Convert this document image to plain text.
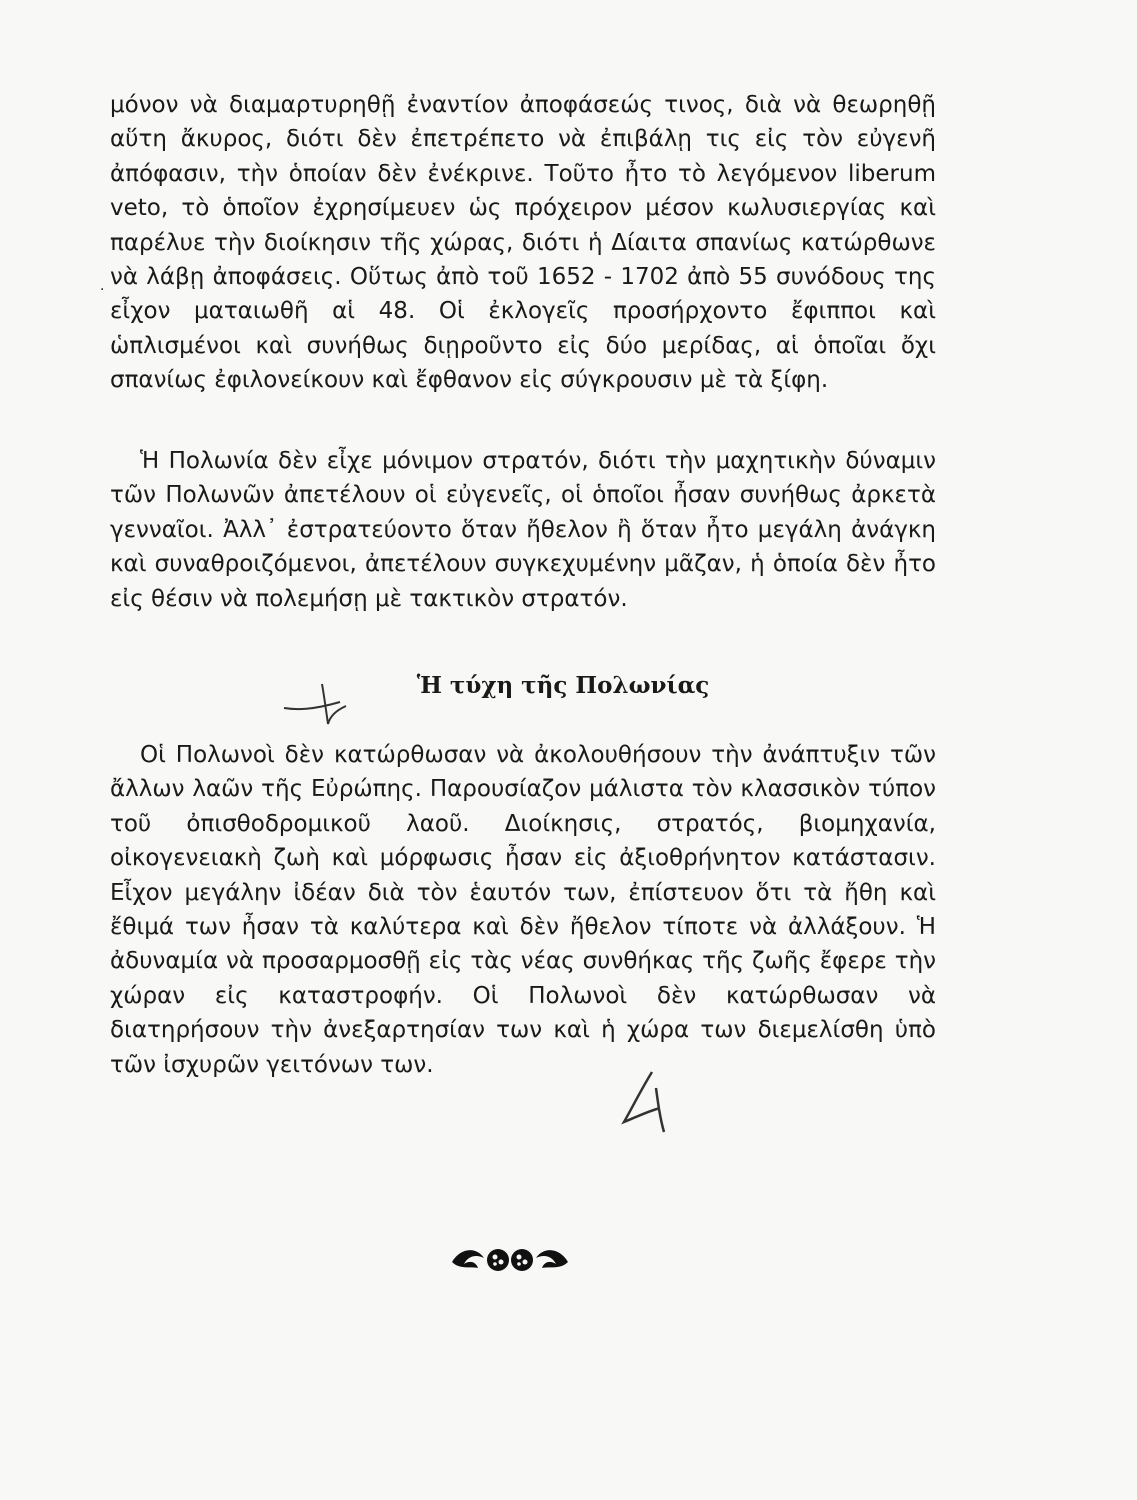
·

μόνον νὰ διαμαρτυρηθῇ ἐναντίον ἀποφάσεώς τινος, διὰ νὰ θεωρηθῇ αὕτη ἄκυρος, διότι δὲν ἐπετρέπετο νὰ ἐπιβάλῃ τις εἰς τὸν εὐγενῆ ἀπόφασιν, τὴν ὁποίαν δὲν ἐνέκρινε. Τοῦτο ἦτο τὸ λεγόμενον liberum veto, τὸ ὁποῖον ἐχρησίμευεν ὡς πρόχειρον μέσον κωλυσιεργίας καὶ παρέλυε τὴν διοίκησιν τῆς χώρας, διότι ἡ Δίαιτα σπανίως κατώρθωνε νὰ λάβῃ ἀποφάσεις. Οὕτως ἀπὸ τοῦ 1652 - 1702 ἀπὸ 55 συνόδους της εἶχον ματαιωθῆ αἱ 48. Οἱ ἐκλογεῖς προσήρχοντο ἔφιπποι καὶ ὡπλισμένοι καὶ συνήθως διῃροῦντο εἰς δύο μερίδας, αἱ ὁποῖαι ὄχι σπανίως ἐφιλονείκουν καὶ ἔφθανον εἰς σύγκρουσιν μὲ τὰ ξίφη.

Ἡ Πολωνία δὲν εἶχε μόνιμον στρατόν, διότι τὴν μαχητικὴν δύναμιν τῶν Πολωνῶν ἀπετέλουν οἱ εὐγενεῖς, οἱ ὁποῖοι ἦσαν συνήθως ἀρκετὰ γενναῖοι. Ἀλλ᾽ ἐστρατεύοντο ὅταν ἤθελον ἢ ὅταν ἦτο μεγάλη ἀνάγκη καὶ συναθροιζόμενοι, ἀπετέλουν συγκεχυμένην μᾶζαν, ἡ ὁποία δὲν ἦτο εἰς θέσιν νὰ πολεμήσῃ μὲ τακτικὸν στρατόν.

Ἡ τύχη τῆς Πολωνίας

Οἱ Πολωνοὶ δὲν κατώρθωσαν νὰ ἀκολουθήσουν τὴν ἀνάπτυξιν τῶν ἄλλων λαῶν τῆς Εὐρώπης. Παρουσίαζον μάλιστα τὸν κλασσικὸν τύπον τοῦ ὀπισθοδρομικοῦ λαοῦ. Διοίκησις, στρατός, βιομηχανία, οἰκογενειακὴ ζωὴ καὶ μόρφωσις ἦσαν εἰς ἀξιοθρήνητον κατάστασιν. Εἶχον μεγάλην ἰδέαν διὰ τὸν ἑαυτόν των, ἐπίστευον ὅτι τὰ ἤθη καὶ ἔθιμά των ἦσαν τὰ καλύτερα καὶ δὲν ἤθελον τίποτε νὰ ἀλλάξουν. Ἡ ἀδυναμία νὰ προσαρμοσθῇ εἰς τὰς νέας συνθήκας τῆς ζωῆς ἔφερε τὴν χώραν εἰς καταστροφήν. Οἱ Πολωνοὶ δὲν κατώρθωσαν νὰ διατηρήσουν τὴν ἀνεξαρτησίαν των καὶ ἡ χώρα των διεμελίσθη ὑπὸ τῶν ἰσχυρῶν γειτόνων των.
